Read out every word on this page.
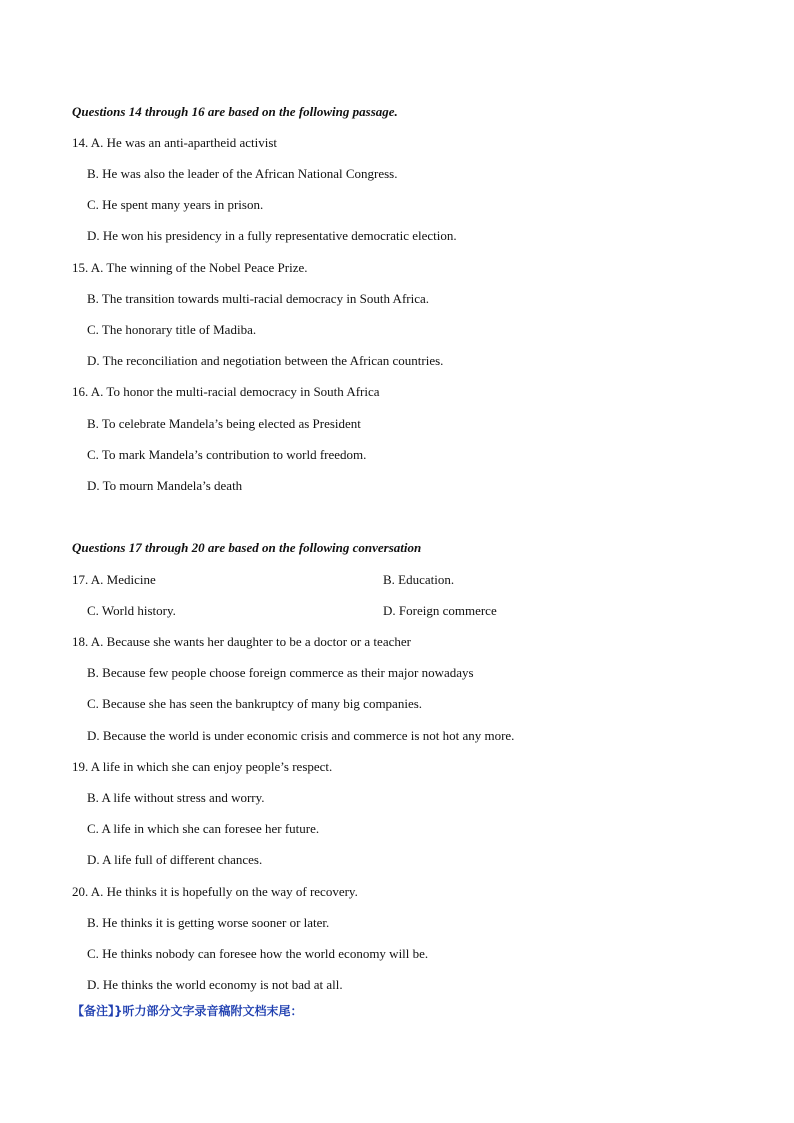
Questions 14 through 16 are based on the following passage.
14. A. He was an anti-apartheid activist
B. He was also the leader of the African National Congress.
C. He spent many years in prison.
D. He won his presidency in a fully representative democratic election.
15. A. The winning of the Nobel Peace Prize.
B. The transition towards multi-racial democracy in South Africa.
C. The honorary title of Madiba.
D. The reconciliation and negotiation between the African countries.
16. A. To honor the multi-racial democracy in South Africa
B. To celebrate Mandela’s being elected as President
C. To mark Mandela’s contribution to world freedom.
D. To mourn Mandela’s death
Questions 17 through 20 are based on the following conversation
17. A. Medicine	B. Education.
C. World history.	D. Foreign commerce
18. A. Because she wants her daughter to be a doctor or a teacher
B. Because few people choose foreign commerce as their major nowadays
C. Because she has seen the bankruptcy of many big companies.
D. Because the world is under economic crisis and commerce is not hot any more.
19. A life in which she can enjoy people’s respect.
B. A life without stress and worry.
C. A life in which she can foresee her future.
D. A life full of different chances.
20. A. He thinks it is hopefully on the way of recovery.
B. He thinks it is getting worse sooner or later.
C. He thinks nobody can foresee how the world economy will be.
D. He thinks the world economy is not bad at all.
【备注】}听力部分文字录音稿附文档末尾：
